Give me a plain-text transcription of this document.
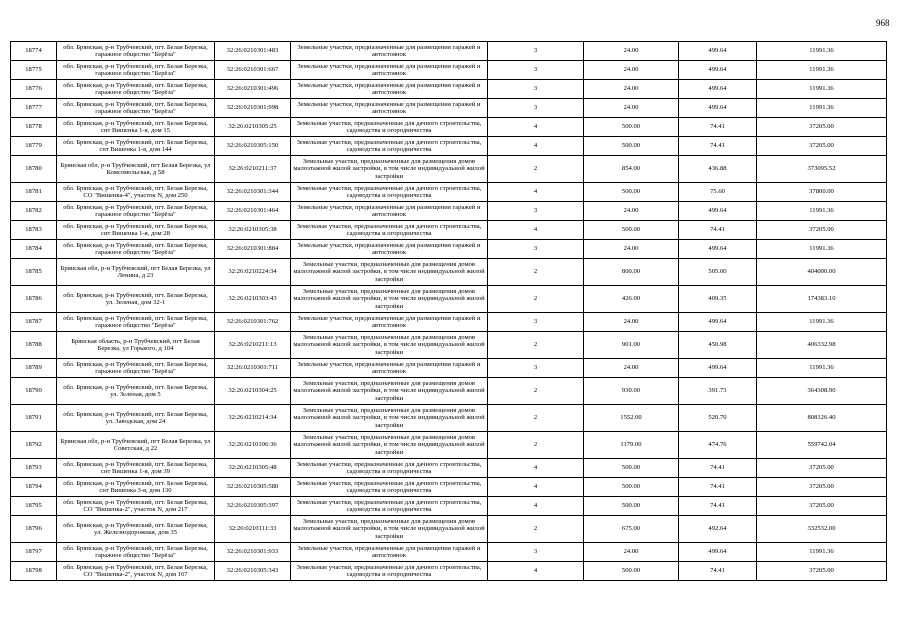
968
18774	обл. Брянская, р-н Трубчевский, пгт. Белая Березка, гаражное общество "Берёза"	32:26:0210301:483	Земельные участки, предназначенные для размещения гаражей и автостоянок	3	24.00	499.64	11991.36
18775	обл. Брянская, р-н Трубчевский, пгт. Белая Березка, гаражное общество "Берёза"	32:26:0210301:667	Земельные участки, предназначенные для размещения гаражей и автостоянок	3	24.00	499.64	11991.36
18776	обл. Брянская, р-н Трубчевский, пгт. Белая Березка, гаражное общество "Берёза"	32:26:0210301:496	Земельные участки, предназначенные для размещения гаражей и автостоянок	3	24.00	499.64	11991.36
18777	обл. Брянская, р-н Трубчевский, пгт. Белая Березка, гаражное общество "Берёза"	32:26:0210301:998	Земельные участки, предназначенные для размещения гаражей и автостоянок	3	24.00	499.64	11991.36
18778	обл. Брянская, р-н Трубчевский, пгт. Белая Березка, снт Вишенка 1-я, дом 15	32:26:0210305:25	Земельные участки, предназначенные для дачного строительства, садоводства и огородничества	4	500.00	74.41	37205.00
18779	обл. Брянская, р-н Трубчевский, пгт. Белая Березка, снт Вишенка 1-я, дом 144	32:26:0210305:150	Земельные участки, предназначенные для дачного строительства, садоводства и огородничества	4	500.00	74.41	37205.00
18780	Брянская обл, р-н Трубчевский, пгт Белая Березка, ул Комсомольская, д 58	32:26:0210211:37	Земельные участки, предназначенные для размещения домов малоэтажной жилой застройки, в том числе индивидуальной жилой застройки	2	854.00	436.88	373095.52
18781	обл. Брянская, р-н Трубчевский, пгт. Белая Березка, СО "Вишенка-4", участок N, дом 250	32:26:0210301:344	Земельные участки, предназначенные для дачного строительства, садоводства и огородничества	4	500.00	75.60	37800.00
18782	обл. Брянская, р-н Трубчевский, пгт. Белая Березка, гаражное общество "Берёза"	32:26:0210301:464	Земельные участки, предназначенные для размещения гаражей и автостоянок	3	24.00	499.64	11991.36
18783	обл. Брянская, р-н Трубчевский, пгт. Белая Березка, снт Вишенка 1-я, дом 28	32:26:0210305:38	Земельные участки, предназначенные для дачного строительства, садоводства и огородничества	4	500.00	74.41	37205.00
18784	обл. Брянская, р-н Трубчевский, пгт. Белая Березка, гаражное общество "Берёза"	32:26:0210301:884	Земельные участки, предназначенные для размещения гаражей и автостоянок	3	24.00	499.64	11991.36
18785	Брянская обл, р-н Трубчевский, пгт Белая Березка, ул Ленина, д 23	32:26:0210224:34	Земельные участки, предназначенные для размещения домов малоэтажной жилой застройки, в том числе индивидуальной жилой застройки	2	800.00	505.00	404000.00
18786	обл. Брянская, р-н Трубчевский, пгт. Белая Березка, ул. Зеленая, дом 32-1	32:26:0210303:43	Земельные участки, предназначенные для размещения домов малоэтажной жилой застройки, в том числе индивидуальной жилой застройки	2	426.00	409.35	174383.10
18787	обл. Брянская, р-н Трубчевский, пгт. Белая Березка, гаражное общество "Берёза"	32:26:0210301:762	Земельные участки, предназначенные для размещения гаражей и автостоянок	3	24.00	499.64	11991.36
18788	Брянская область, р-н Трубчевский, пгт Белая Березка, ул Горького, д 104	32:26:0210211:13	Земельные участки, предназначенные для размещения домов малоэтажной жилой застройки, в том числе индивидуальной жилой застройки	2	901.00	450.98	406332.98
18789	обл. Брянская, р-н Трубчевский, пгт. Белая Березка, гаражное общество "Берёза"	32:26:0210301:711	Земельные участки, предназначенные для размещения гаражей и автостоянок	3	24.00	499.64	11991.36
18790	обл. Брянская, р-н Трубчевский, пгт. Белая Березка, ул. Зеленая, дом 5	32:26:0210304:25	Земельные участки, предназначенные для размещения домов малоэтажной жилой застройки, в том числе индивидуальной жилой застройки	2	930.00	391.73	364308.90
18791	обл. Брянская, р-н Трубчевский, пгт. Белая Березка, ул. Заводская, дом 24	32:26:0210214:34	Земельные участки, предназначенные для размещения домов малоэтажной жилой застройки, в том числе индивидуальной жилой застройки	2	1552.00	520.70	808126.40
18792	Брянская обл, р-н Трубчевский, пгт Белая Березка, ул Советская, д 22	32:26:0210106:36	Земельные участки, предназначенные для размещения домов малоэтажной жилой застройки, в том числе индивидуальной жилой застройки	2	1179.00	474.76	559742.04
18793	обл. Брянская, р-н Трубчевский, пгт. Белая Березка, снт Вишенка 1-я, дом 39	32:26:0210305:48	Земельные участки, предназначенные для дачного строительства, садоводства и огородничества	4	500.00	74.41	37205.00
18794	обл. Брянская, р-н Трубчевский, пгт. Белая Березка, снт Вишенка 3-я, дом 130	32:26:0210305:580	Земельные участки, предназначенные для дачного строительства, садоводства и огородничества	4	500.00	74.41	37205.00
18795	обл. Брянская, р-н Трубчевский, пгт. Белая Березка, СО "Вишенка-2", участок N, дом 217	32:26:0210305:397	Земельные участки, предназначенные для дачного строительства, садоводства и огородничества	4	500.00	74.41	37205.00
18796	обл. Брянская, р-н Трубчевский, пгт. Белая Березка, ул. Железнодорожная, дом 35	32:26:0210111:33	Земельные участки, предназначенные для размещения домов малоэтажной жилой застройки, в том числе индивидуальной жилой застройки	2	675.00	492.64	332532.00
18797	обл. Брянская, р-н Трубчевский, пгт. Белая Березка, гаражное общество "Берёза"	32:26:0210301:933	Земельные участки, предназначенные для размещения гаражей и автостоянок	3	24.00	499.64	11991.36
18798	обл. Брянская, р-н Трубчевский, пгт. Белая Березка, СО "Вишенка-2", участок N, дом 167	32:26:0210305:343	Земельные участки, предназначенные для дачного строительства, садоводства и огородничества	4	500.00	74.41	37205.00
